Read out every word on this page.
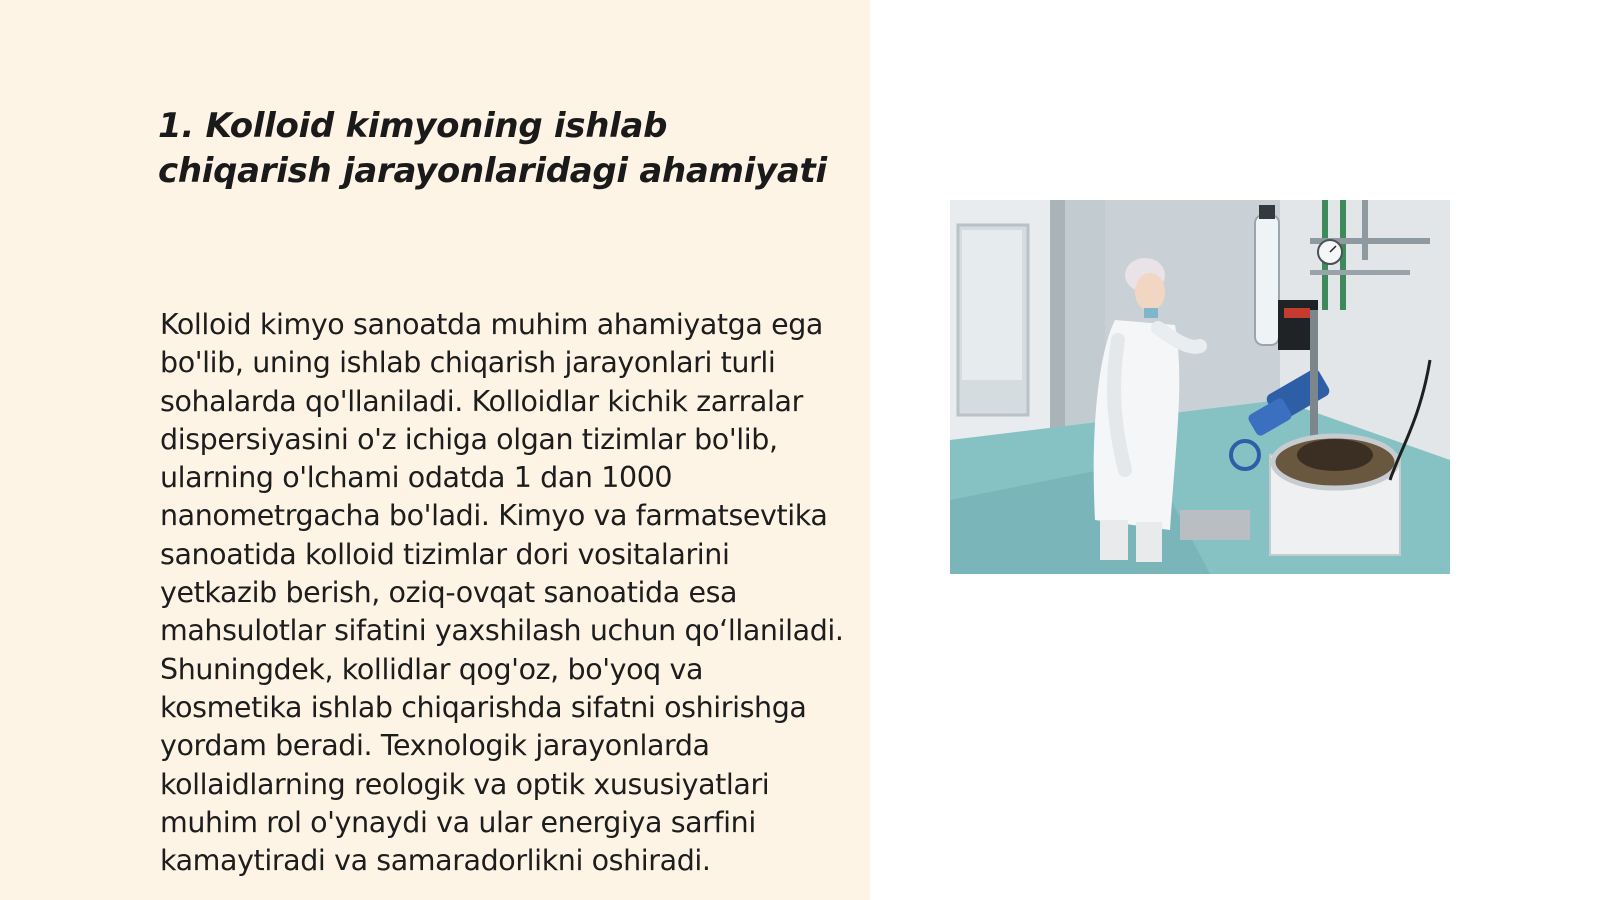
1. Kolloid kimyoning ishlab chiqarish jarayonlaridagi ahamiyati

Kolloid kimyo sanoatda muhim ahamiyatga ega bo'lib, uning ishlab chiqarish jarayonlari turli sohalarda qo'llaniladi. Kolloidlar kichik zarralar dispersiyasini o'z ichiga olgan tizimlar bo'lib, ularning o'lchami odatda 1 dan 1000 nanometrgacha bo'ladi. Kimyo va farmatsevtika sanoatida kolloid tizimlar dori vositalarini yetkazib berish, oziq-ovqat sanoatida esa mahsulotlar sifatini yaxshilash uchun qo‘llaniladi. Shuningdek, kollidlar qog'oz, bo'yoq va kosmetika ishlab chiqarishda sifatni oshirishga yordam beradi. Texnologik jarayonlarda kollaidlarning reologik va optik xususiyatlari muhim rol o'ynaydi va ular energiya sarfini kamaytiradi va samaradorlikni oshiradi.
